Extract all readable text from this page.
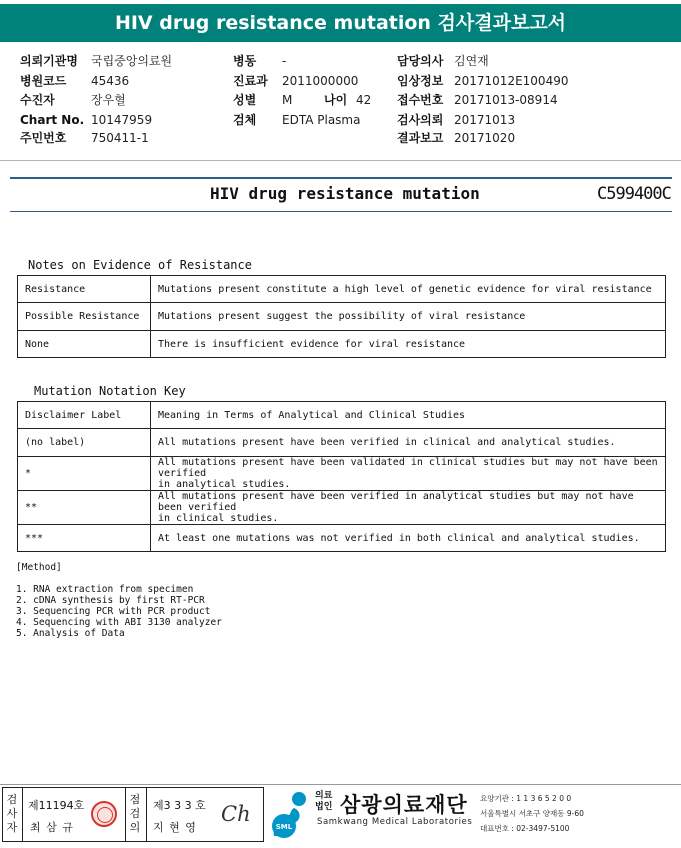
HIV drug resistance mutation 검사결과보고서
의뢰기관명 국립중앙의료원
병원코드 45436
수진자	장우혈
Chart No. 10147959
주민번호 750411-1
병동 -
진료과 2011000000
성별 M	나이 42
검체 EDTA Plasma
담당의사 김연재
임상정보 20171012E100490
접수번호 20171013-08914
검사의뢰 20171013
결과보고 20171020
HIV drug resistance mutation	C599400C
Notes on Evidence of Resistance
Resistance	Mutations present constitute a high level of genetic evidence for viral resistance
Possible Resistance	Mutations present suggest the possibility of viral resistance
None	There is insufficient evidence for viral resistance
Mutation Notation Key
Disclaimer Label	Meaning in Terms of Analytical and Clinical Studies
(no label)	All mutations present have been verified in clinical and analytical studies.

*	All mutations present have been validated in clinical studies but may not have been verified
in analytical studies.

**	All mutations present have been verified in analytical studies but may not have been verified
in clinical studies.

***	At least one mutations was not verified in both clinical and analytical studies.
[Method]
1. RNA extraction from specimen
2. cDNA synthesis by first RT-PCR
3. Sequencing PCR with PCR product
4. Sequencing with ABI 3130 analyzer
5. Analysis of Data
검사자
제11194호
최 삼 규
점검의
제3 3 3 호
지 현 영
Ch
SML
의료법인 삼광의료재단
Samkwang Medical Laboratories
요양기관 : 1 1 3 6 5 2 0 0
서울특별시 서초구 양재동 9-60
대표번호 : 02-3497-5100
